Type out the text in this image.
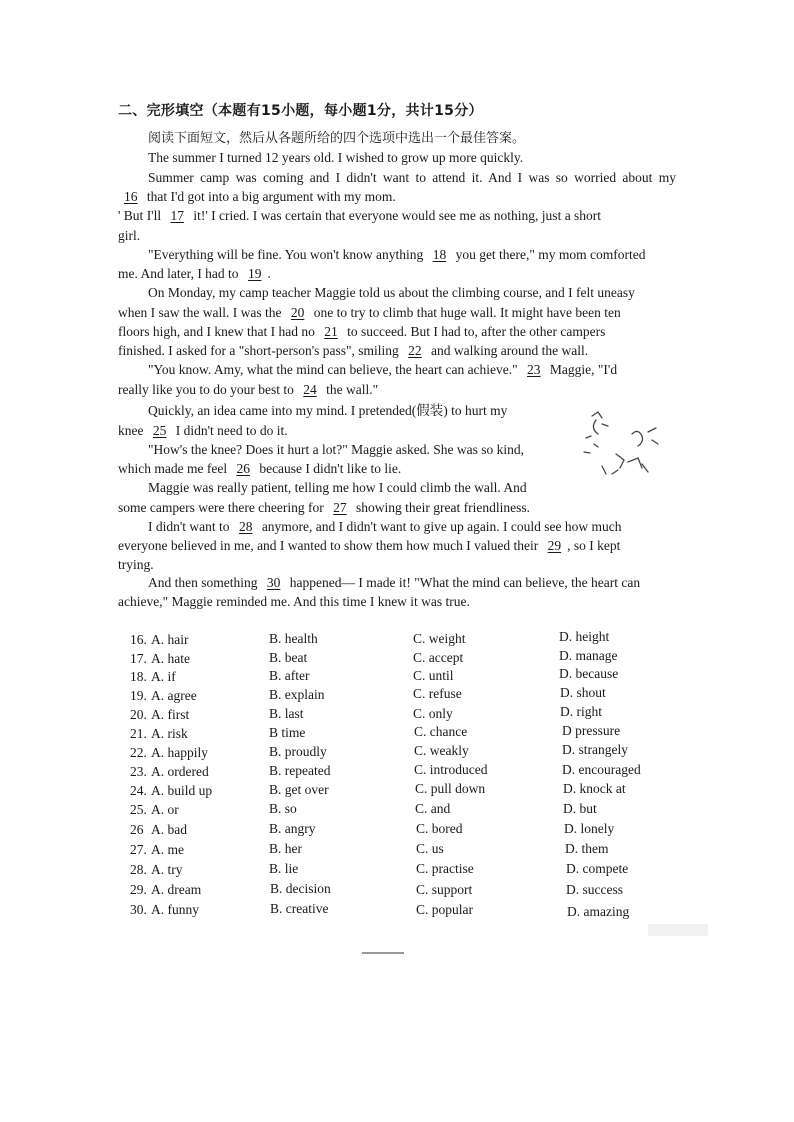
二、完形填空（本题有15小题，每小题1分，共计15分）
阅读下面短文，然后从各题所给的四个选项中选出一个最佳答案。
The summer I turned 12 years old. I wished to grow up more quickly.
Summer camp was coming and I didn't want to attend it. And I was so worried about my
16 that I'd got into a big argument with my mom.
' But I'll 17 it!' I cried. I was certain that everyone would see me as nothing, just a short
girl.
"Everything will be fine. You won't know anything 18 you get there," my mom comforted
me. And later, I had to 19 .
On Monday, my camp teacher Maggie told us about the climbing course, and I felt uneasy
when I saw the wall. I was the 20 one to try to climb that huge wall. It might have been ten
floors high, and I knew that I had no 21 to succeed. But I had to, after the other campers
finished. I asked for a "short-person's pass", smiling 22 and walking around the wall.
"You know. Amy, what the mind can believe, the heart can achieve." 23 Maggie, "I'd
really like you to do your best to 24 the wall."
Quickly, an idea came into my mind. I pretended(假装) to hurt my
knee 25 I didn't need to do it.
"How's the knee? Does it hurt a lot?" Maggie asked. She was so kind,
which made me feel 26 because I didn't like to lie.
Maggie was really patient, telling me how I could climb the wall. And
some campers were there cheering for 27 showing their great friendliness.
I didn't want to 28 anymore, and I didn't want to give up again. I could see how much
everyone believed in me, and I wanted to show them how much I valued their 29 , so I kept
trying.
And then something 30 happened— I made it! "What the mind can believe, the heart can
achieve," Maggie reminded me. And this time I knew it was true.
16. A. hair	B. health	C. weight	D. height
17. A. hate	B. beat	C. accept	D. manage
18. A. if	B. after	C. until	D. because
19. A. agree	B. explain	C. refuse	D. shout
20. A. first	B. last	C. only	D. right
21. A. risk	B time	C. chance	D pressure
22. A. happily	B. proudly	C. weakly	D. strangely
23. A. ordered	B. repeated	C. introduced	D. encouraged
24. A. build up	B. get over	C. pull down	D. knock at
25. A. or	B. so	C. and	D. but
26 A. bad	B. angry	C. bored	D. lonely
27. A. me	B. her	C. us	D. them
28. A. try	B. lie	C. practise	D. compete
29. A. dream	B. decision	C. support	D. success
30. A. funny	B. creative	C. popular	D. amazing
